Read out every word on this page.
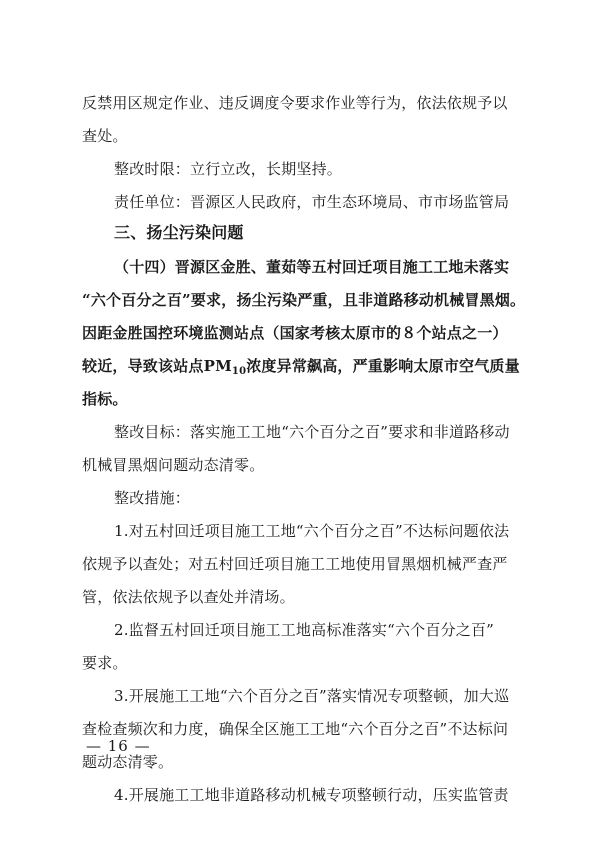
反禁用区规定作业、违反调度令要求作业等行为，依法依规予以
查处。
整改时限：立行立改，长期坚持。
责任单位：晋源区人民政府，市生态环境局、市市场监管局
三、扬尘污染问题
（十四）晋源区金胜、董茹等五村回迁项目施工工地未落实
“六个百分之百”要求，扬尘污染严重，且非道路移动机械冒黑烟。
因距金胜国控环境监测站点（国家考核太原市的８个站点之一）
较近，导致该站点$PM_{10}$浓度异常飙高，严重影响太原市空气质量
指标。
整改目标：落实施工工地“六个百分之百”要求和非道路移动
机械冒黑烟问题动态清零。
整改措施：
1.对五村回迁项目施工工地“六个百分之百”不达标问题依法
依规予以查处；对五村回迁项目施工工地使用冒黑烟机械严查严
管，依法依规予以查处并清场。
2.监督五村回迁项目施工工地高标准落实“六个百分之百”
要求。
3.开展施工工地“六个百分之百”落实情况专项整顿，加大巡
查检查频次和力度，确保全区施工工地“六个百分之百”不达标问
题动态清零。
4.开展施工工地非道路移动机械专项整顿行动，压实监管责
— 16 —
